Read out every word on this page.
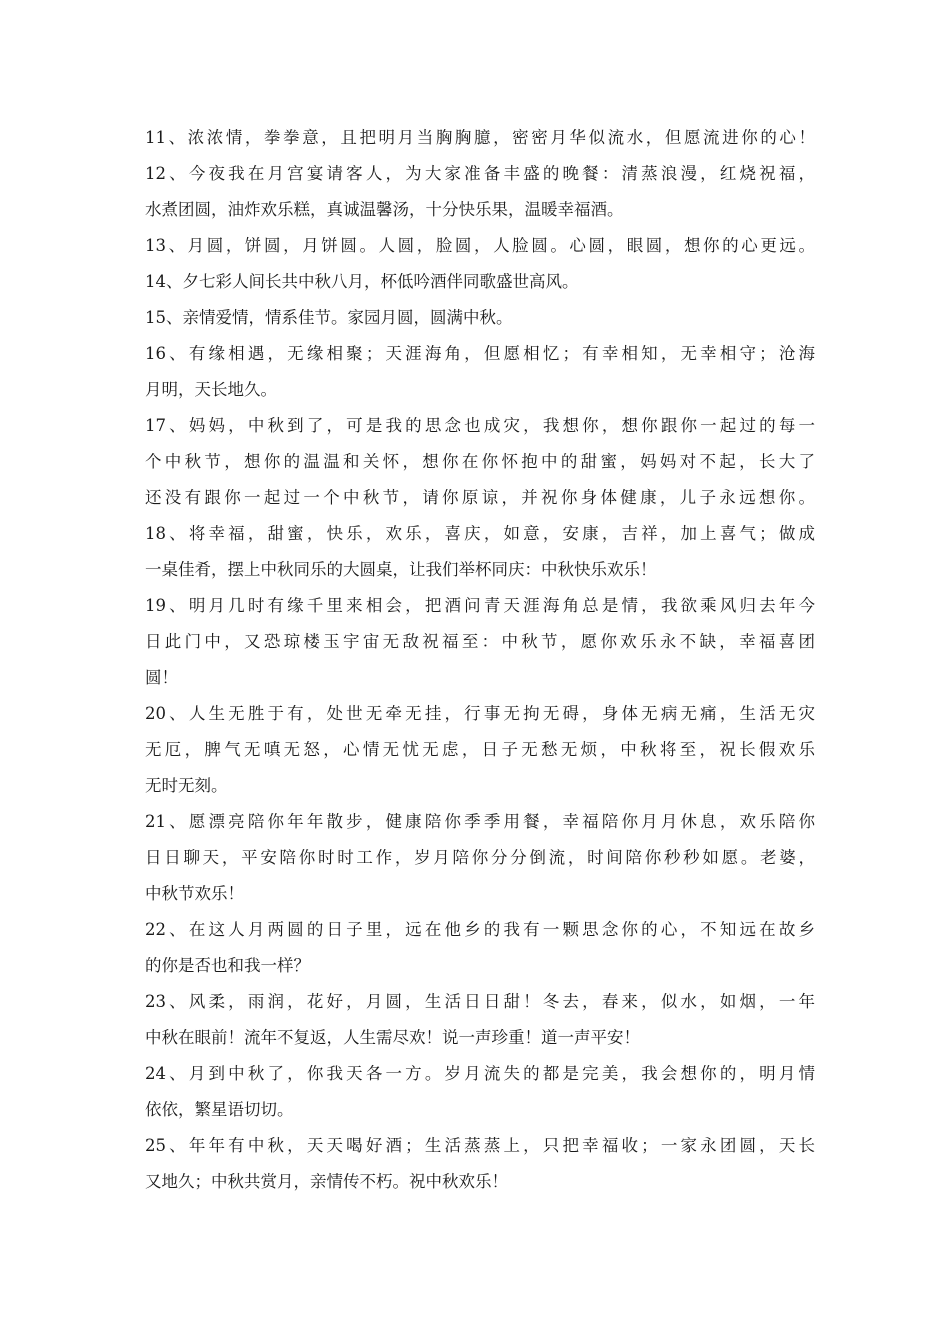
11、浓浓情，拳拳意，且把明月当胸胸臆，密密月华似流水，但愿流进你的心！
12、今夜我在月宫宴请客人，为大家准备丰盛的晚餐：清蒸浪漫，红烧祝福，
水煮团圆，油炸欢乐糕，真诚温馨汤，十分快乐果，温暖幸福酒。
13、月圆，饼圆，月饼圆。人圆，脸圆，人脸圆。心圆，眼圆，想你的心更远。
14、夕七彩人间长共中秋八月，杯低吟酒伴同歌盛世高风。
15、亲情爱情，情系佳节。家园月圆，圆满中秋。
16、有缘相遇，无缘相聚；天涯海角，但愿相忆；有幸相知，无幸相守；沧海
月明，天长地久。
17、妈妈，中秋到了，可是我的思念也成灾，我想你，想你跟你一起过的每一
个中秋节，想你的温温和关怀，想你在你怀抱中的甜蜜，妈妈对不起，长大了
还没有跟你一起过一个中秋节，请你原谅，并祝你身体健康，儿子永远想你。
18、将幸福，甜蜜，快乐，欢乐，喜庆，如意，安康，吉祥，加上喜气；做成
一桌佳肴，摆上中秋同乐的大圆桌，让我们举杯同庆：中秋快乐欢乐！
19、明月几时有缘千里来相会，把酒问青天涯海角总是情，我欲乘风归去年今
日此门中，又恐琼楼玉宇宙无敌祝福至：中秋节，愿你欢乐永不缺，幸福喜团
圆！
20、人生无胜于有，处世无牵无挂，行事无拘无碍，身体无病无痛，生活无灾
无厄，脾气无嗔无怒，心情无忧无虑，日子无愁无烦，中秋将至，祝长假欢乐
无时无刻。
21、愿漂亮陪你年年散步，健康陪你季季用餐，幸福陪你月月休息，欢乐陪你
日日聊天，平安陪你时时工作，岁月陪你分分倒流，时间陪你秒秒如愿。老婆，
中秋节欢乐！
22、在这人月两圆的日子里，远在他乡的我有一颗思念你的心，不知远在故乡
的你是否也和我一样？
23、风柔，雨润，花好，月圆，生活日日甜！冬去，春来，似水，如烟，一年
中秋在眼前！流年不复返，人生需尽欢！说一声珍重！道一声平安！
24、月到中秋了，你我天各一方。岁月流失的都是完美，我会想你的，明月情
依依，繁星语切切。
25、年年有中秋，天天喝好酒；生活蒸蒸上，只把幸福收；一家永团圆，天长
又地久；中秋共赏月，亲情传不朽。祝中秋欢乐！
